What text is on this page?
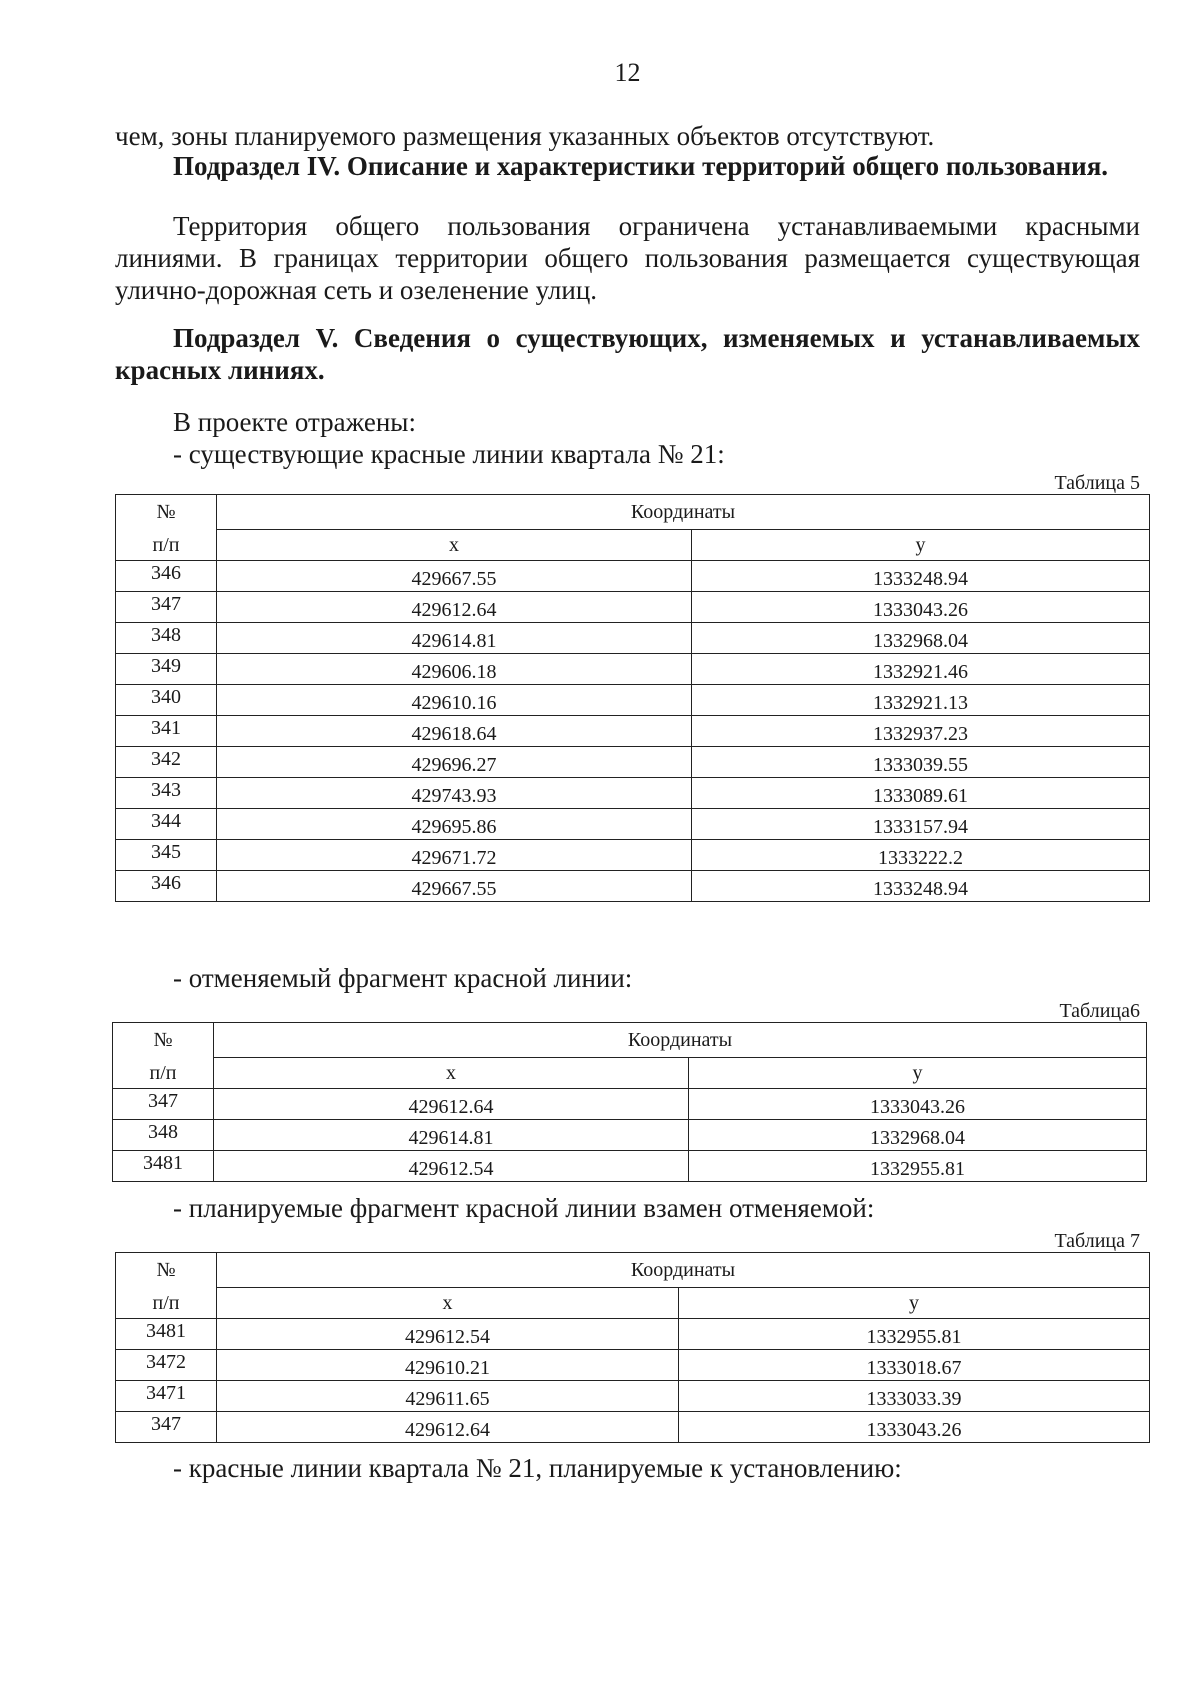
12
чем, зоны планируемого размещения указанных объектов отсутствуют.
Подраздел IV. Описание и характеристики территорий общего пользования.
Территория общего пользования ограничена устанавливаемыми красными линиями. В границах территории общего пользования размещается существующая улично-дорожная сеть и озеленение улиц.
Подраздел V. Сведения о существующих, изменяемых и устанавливаемых красных линиях.
В проекте отражены:
- существующие красные линии квартала № 21:
Таблица 5
№	Координаты	
п/п	x	y
346	429667.55	1333248.94
347	429612.64	1333043.26
348	429614.81	1332968.04
349	429606.18	1332921.46
340	429610.16	1332921.13
341	429618.64	1332937.23
342	429696.27	1333039.55
343	429743.93	1333089.61
344	429695.86	1333157.94
345	429671.72	1333222.2
346	429667.55	1333248.94
- отменяемый фрагмент красной линии:
Таблица6
№	Координаты	
п/п	x	y
347	429612.64	1333043.26
348	429614.81	1332968.04
3481	429612.54	1332955.81
- планируемые фрагмент красной линии взамен отменяемой:
Таблица 7
№	Координаты	
п/п	x	y
3481	429612.54	1332955.81
3472	429610.21	1333018.67
3471	429611.65	1333033.39
347	429612.64	1333043.26
- красные линии квартала № 21, планируемые к установлению:
